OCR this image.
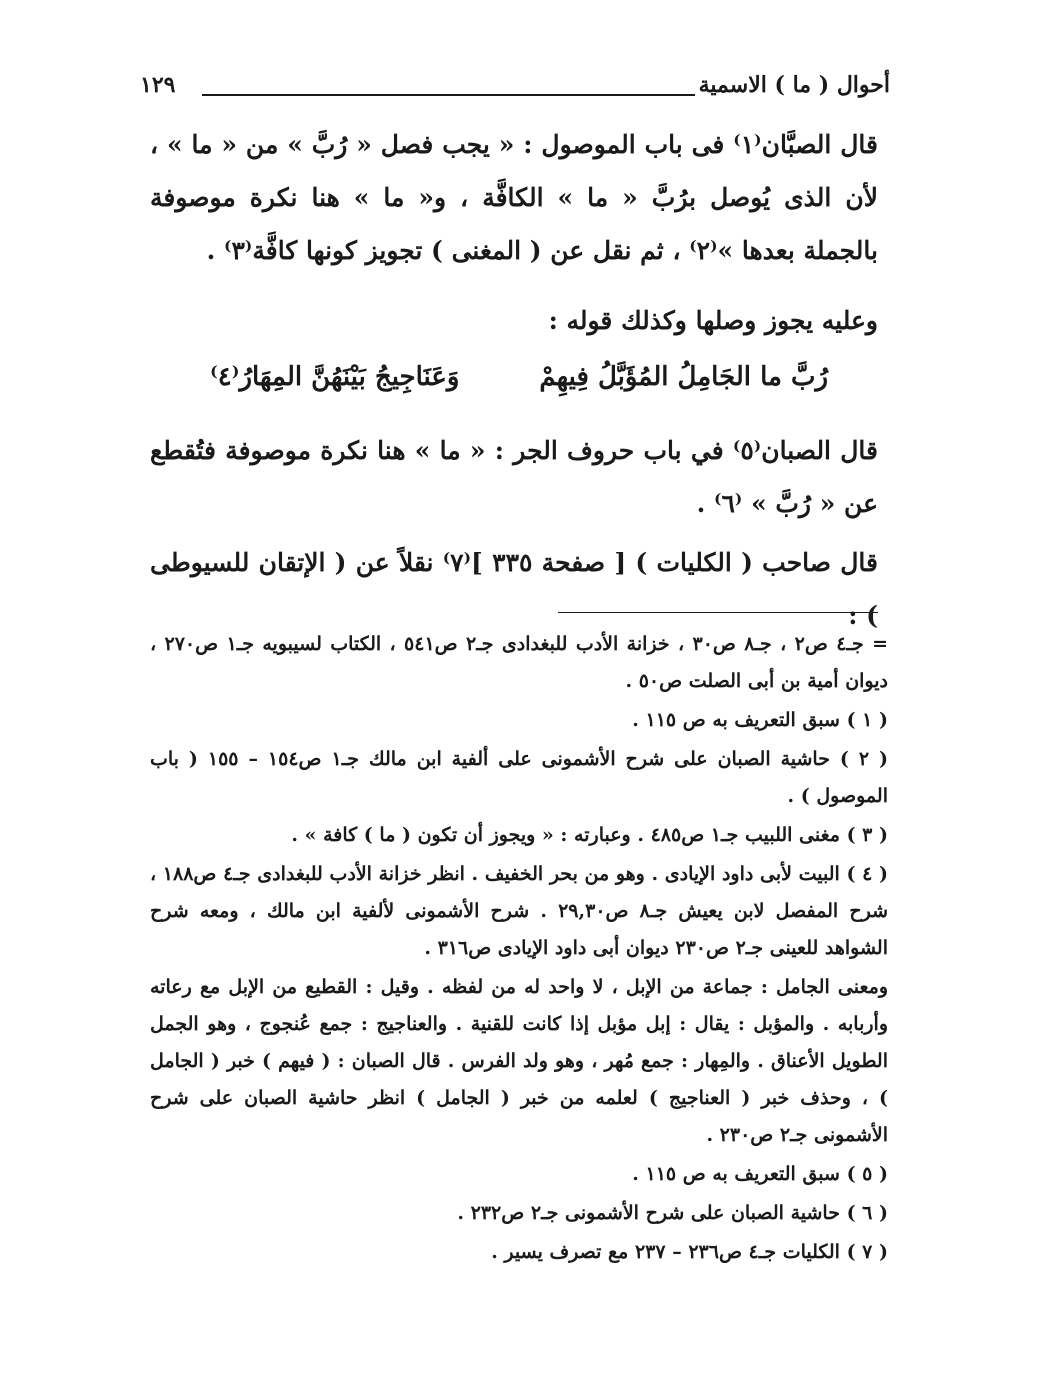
أحوال ( ما ) الاسمية
١٢٩
قال الصبَّان⁽١⁾ فى باب الموصول : « يجب فصل « رُبَّ » من « ما » ، لأن الذى يُوصل برُبَّ « ما » الكافَّة ، و« ما » هنا نكرة موصوفة بالجملة بعدها »⁽٢⁾ ، ثم نقل عن ( المغنى ) تجويز كونها كافَّة⁽٣⁾ .
وعليه يجوز وصلها وكذلك قوله :
رُبَّ ما الجَامِلُ المُؤَبَّلُ فِيهِمْ
وَعَنَاجِيجُ بَيْنَهُنَّ المِهَارُ⁽٤⁾
قال الصبان⁽٥⁾ في باب حروف الجر : « ما » هنا نكرة موصوفة فتُقطع عن « رُبَّ » ⁽٦⁾ .
قال صاحب ( الكليات ) [ صفحة ٣٣٥ ]⁽٧⁾ نقلاً عن ( الإتقان للسيوطى ) :

= جـ٤ ص٢ ، جـ٨ ص٣٠ ، خزانة الأدب للبغدادى جـ٢ ص٥٤١ ، الكتاب لسيبويه جـ١ ص٢٧٠ ، ديوان أمية بن أبى الصلت ص٥٠ .

( ١ ) سبق التعريف به ص ١١٥ .

( ٢ ) حاشية الصبان على شرح الأشمونى على ألفية ابن مالك جـ١ ص١٥٤ – ١٥٥ ( باب الموصول ) .

( ٣ ) مغنى اللبيب جـ١ ص٤٨٥ . وعبارته : « ويجوز أن تكون ( ما ) كافة » .

( ٤ ) البيت لأبى داود الإيادى . وهو من بحر الخفيف . انظر خزانة الأدب للبغدادى جـ٤ ص١٨٨ ، شرح المفصل لابن يعيش جـ٨ ص٢٩,٣٠ . شرح الأشمونى لألفية ابن مالك ، ومعه شرح الشواهد للعينى جـ٢ ص٢٣٠ ديوان أبى داود الإيادى ص٣١٦ .

ومعنى الجامل : جماعة من الإبل ، لا واحد له من لفظه . وقيل : القطيع من الإبل مع رعاته وأربابه . والمؤبل : يقال : إبل مؤبل إذا كانت للقنية . والعناجيج : جمع عُنجوج ، وهو الجمل الطويل الأعناق . والمِهار : جمع مُهر ، وهو ولد الفرس . قال الصبان : ( فيهم ) خبر ( الجامل ) ، وحذف خبر ( العناجيج ) لعلمه من خبر ( الجامل ) انظر حاشية الصبان على شرح الأشمونى جـ٢ ص٢٣٠ .

( ٥ ) سبق التعريف به ص ١١٥ .

( ٦ ) حاشية الصبان على شرح الأشمونى جـ٢ ص٢٣٢ .

( ٧ ) الكليات جـ٤ ص٢٣٦ – ٢٣٧ مع تصرف يسير .
